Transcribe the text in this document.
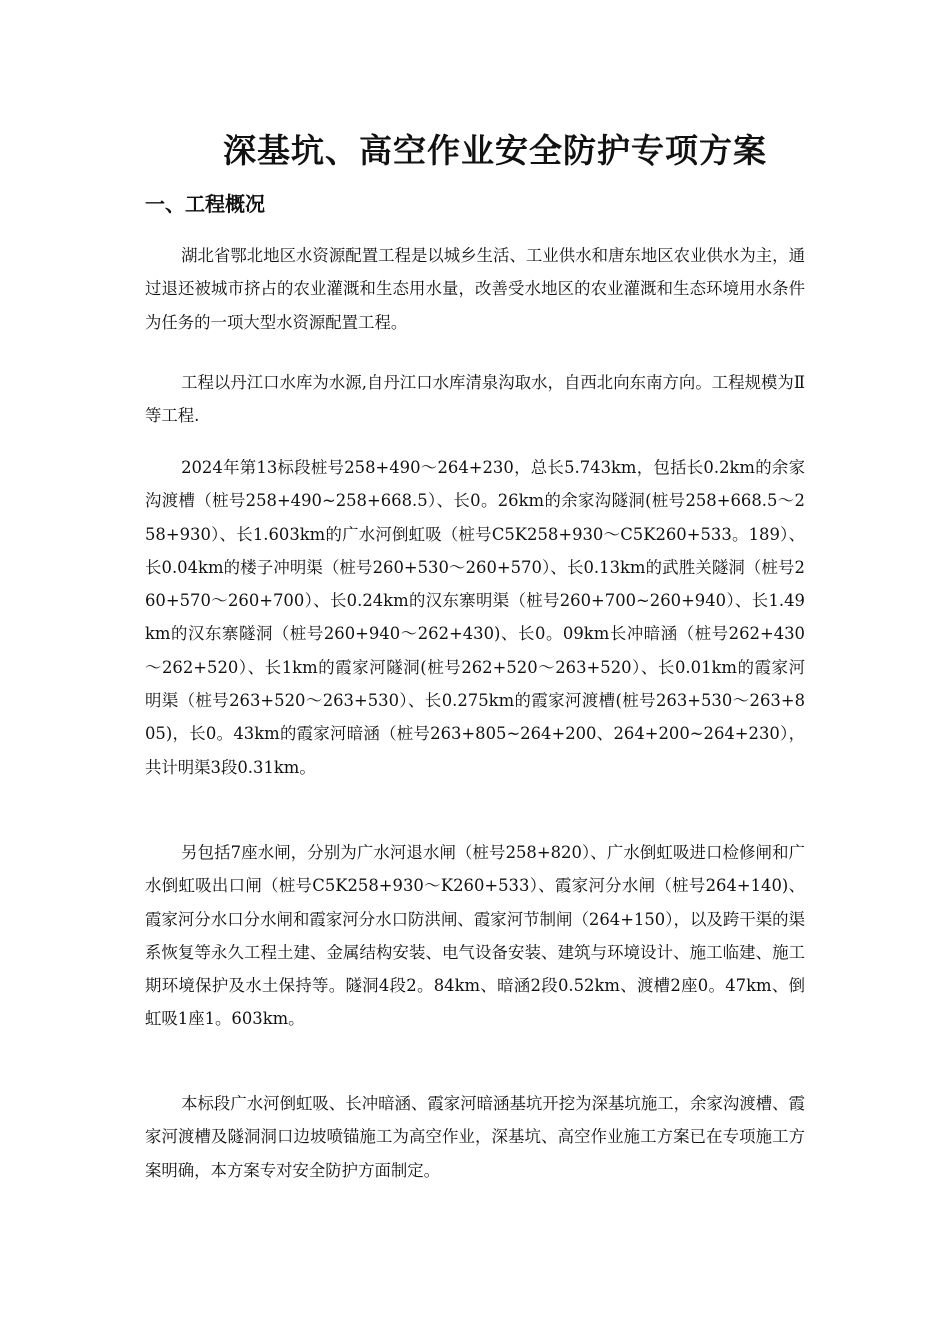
深基坑、高空作业安全防护专项方案
一、工程概况

湖北省鄂北地区水资源配置工程是以城乡生活、工业供水和唐东地区农业供水为主，通过退还被城市挤占的农业灌溉和生态用水量，改善受水地区的农业灌溉和生态环境用水条件为任务的一项大型水资源配置工程。

工程以丹江口水库为水源,自丹江口水库清泉沟取水，自西北向东南方向。工程规模为Ⅱ等工程.

2024年第13标段桩号258+490～264+230，总长5.743km，包括长0.2km的余家沟渡槽（桩号258+490~258+668.5）、长0。26km的余家沟隧洞(桩号258+668.5～258+930）、长1.603km的广水河倒虹吸（桩号C5K258+930～C5K260+533。189）、长0.04km的楼子冲明渠（桩号260+530～260+570）、长0.13km的武胜关隧洞（桩号260+570～260+700）、长0.24km的汉东寨明渠（桩号260+700~260+940）、长1.49km的汉东寨隧洞（桩号260+940～262+430)、长0。09km长冲暗涵（桩号262+430～262+520）、长1km的霞家河隧洞(桩号262+520～263+520）、长0.01km的霞家河明渠（桩号263+520～263+530）、长0.275km的霞家河渡槽(桩号263+530～263+805)，长0。43km的霞家河暗涵（桩号263+805~264+200、264+200~264+230），共计明渠3段0.31km。

另包括7座水闸，分别为广水河退水闸（桩号258+820）、广水倒虹吸进口检修闸和广水倒虹吸出口闸（桩号C5K258+930～K260+533）、霞家河分水闸（桩号264+140)、霞家河分水口分水闸和霞家河分水口防洪闸、霞家河节制闸（264+150），以及跨干渠的渠系恢复等永久工程土建、金属结构安装、电气设备安装、建筑与环境设计、施工临建、施工期环境保护及水土保持等。隧洞4段2。84km、暗涵2段0.52km、渡槽2座0。47km、倒虹吸1座1。603km。

本标段广水河倒虹吸、长冲暗涵、霞家河暗涵基坑开挖为深基坑施工，余家沟渡槽、霞家河渡槽及隧洞洞口边坡喷锚施工为高空作业，深基坑、高空作业施工方案已在专项施工方案明确，本方案专对安全防护方面制定。
